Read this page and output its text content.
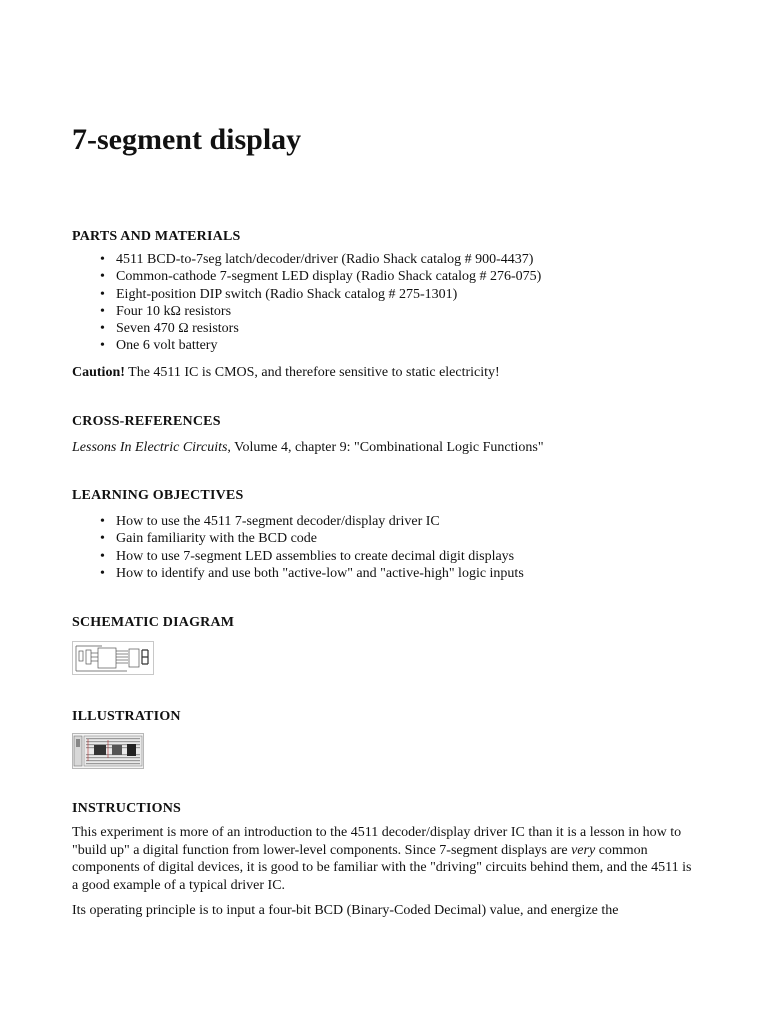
7-segment display
PARTS AND MATERIALS
• 4511 BCD-to-7seg latch/decoder/driver (Radio Shack catalog # 900-4437)
• Common-cathode 7-segment LED display (Radio Shack catalog # 276-075)
• Eight-position DIP switch (Radio Shack catalog # 275-1301)
• Four 10 kΩ resistors
• Seven 470 Ω resistors
• One 6 volt battery

Caution! The 4511 IC is CMOS, and therefore sensitive to static electricity!

CROSS-REFERENCES

Lessons In Electric Circuits, Volume 4, chapter 9: "Combinational Logic Functions"

LEARNING OBJECTIVES
• How to use the 4511 7-segment decoder/display driver IC
• Gain familiarity with the BCD code
• How to use 7-segment LED assemblies to create decimal digit displays
• How to identify and use both "active-low" and "active-high" logic inputs
SCHEMATIC DIAGRAM
ILLUSTRATION
INSTRUCTIONS

This experiment is more of an introduction to the 4511 decoder/display driver IC than it is a lesson in how to "build up" a digital function from lower-level components. Since 7-segment displays are very common components of digital devices, it is good to be familiar with the "driving" circuits behind them, and the 4511 is a good example of a typical driver IC.

Its operating principle is to input a four-bit BCD (Binary-Coded Decimal) value, and energize the
